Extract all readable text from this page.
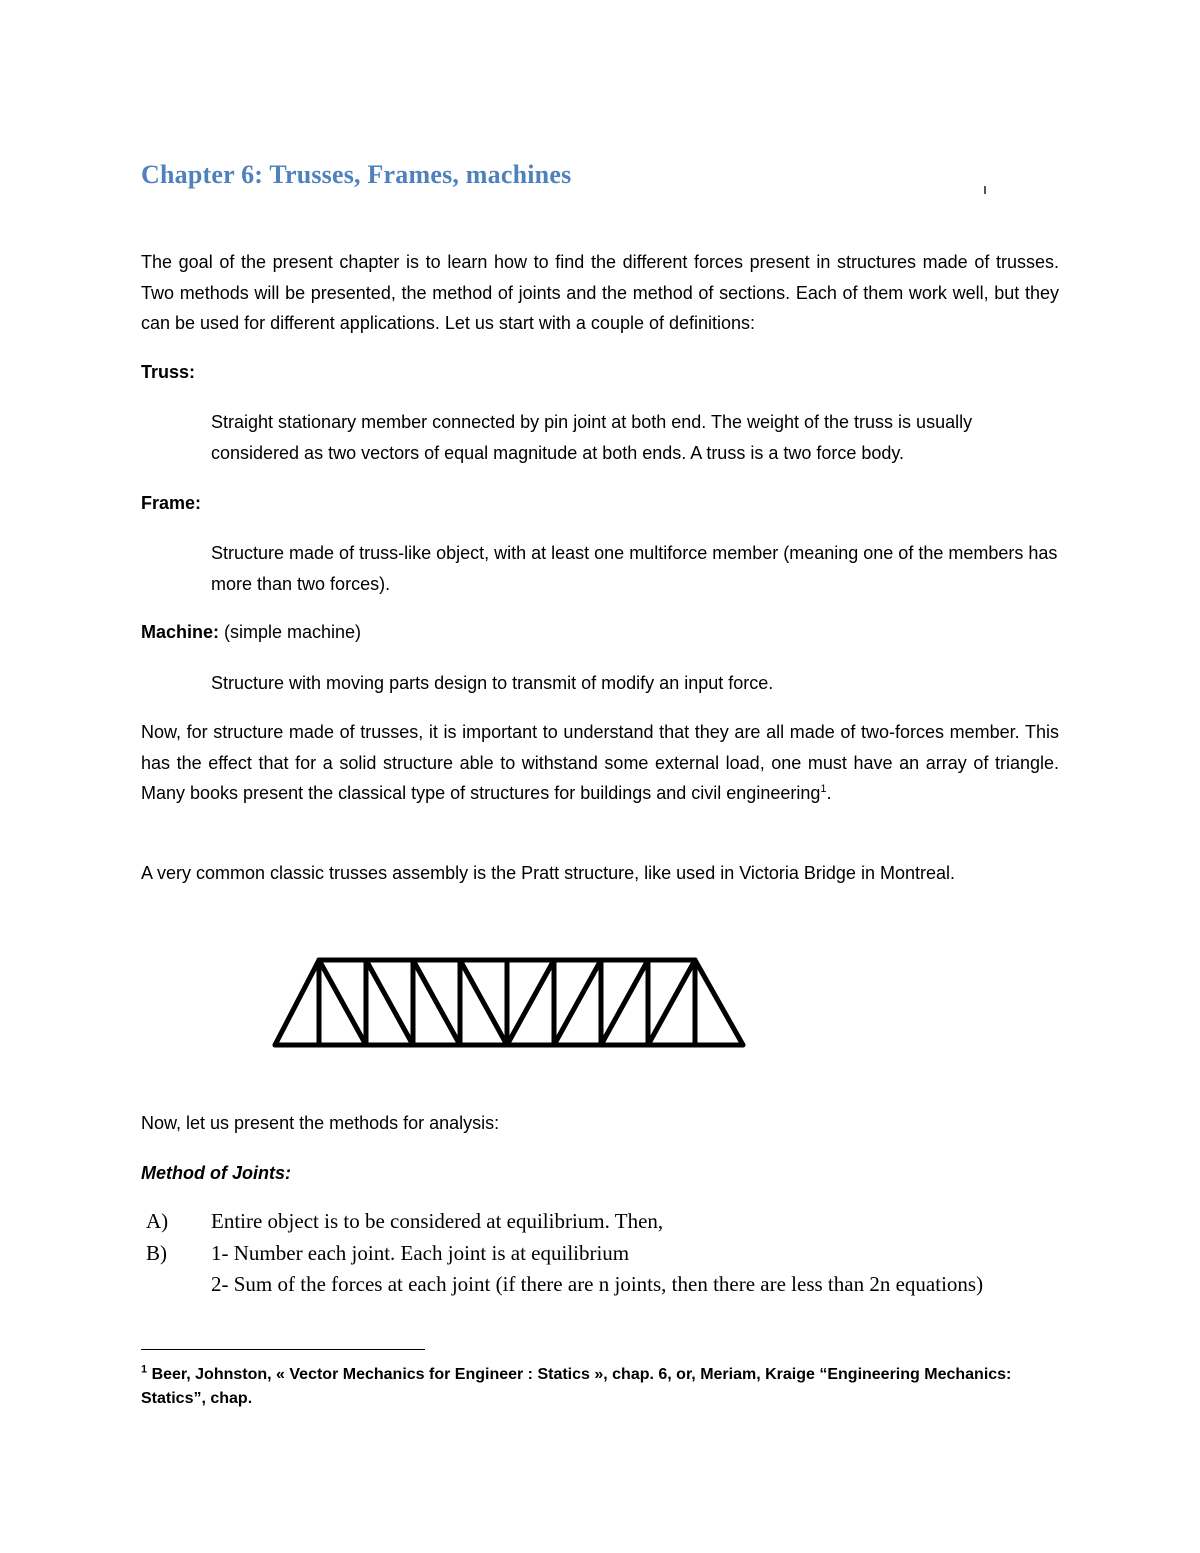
Chapter 6: Trusses, Frames, machines

The goal of the present chapter is to learn how to find the different forces present in structures made of trusses. Two methods will be presented, the method of joints and the method of sections. Each of them work well, but they can be used for different applications. Let us start with a couple of definitions:

Truss:

Straight stationary member connected by pin joint at both end. The weight of the truss is usually considered as two vectors of equal magnitude at both ends. A truss is a two force body.

Frame:

Structure made of truss-like object, with at least one multiforce member (meaning one of the members has more than two forces).

Machine: (simple machine)

Structure with moving parts design to transmit of modify an input force.

Now, for structure made of trusses, it is important to understand that they are all made of two-forces member. This has the effect that for a solid structure able to withstand some external load, one must have an array of triangle. Many books present the classical type of structures for buildings and civil engineering$^1$.

A very common classic trusses assembly is the Pratt structure, like used in Victoria Bridge in Montreal.

Now, let us present the methods for analysis:

Method of Joints:

A) Entire object is to be considered at equilibrium. Then,
B) 1- Number each joint. Each joint is at equilibrium
2- Sum of the forces at each joint (if there are n joints, then there are less than 2n equations)

$^1$ Beer, Johnston, « Vector Mechanics for Engineer : Statics », chap. 6, or, Meriam, Kraige “Engineering Mechanics: Statics”, chap.
